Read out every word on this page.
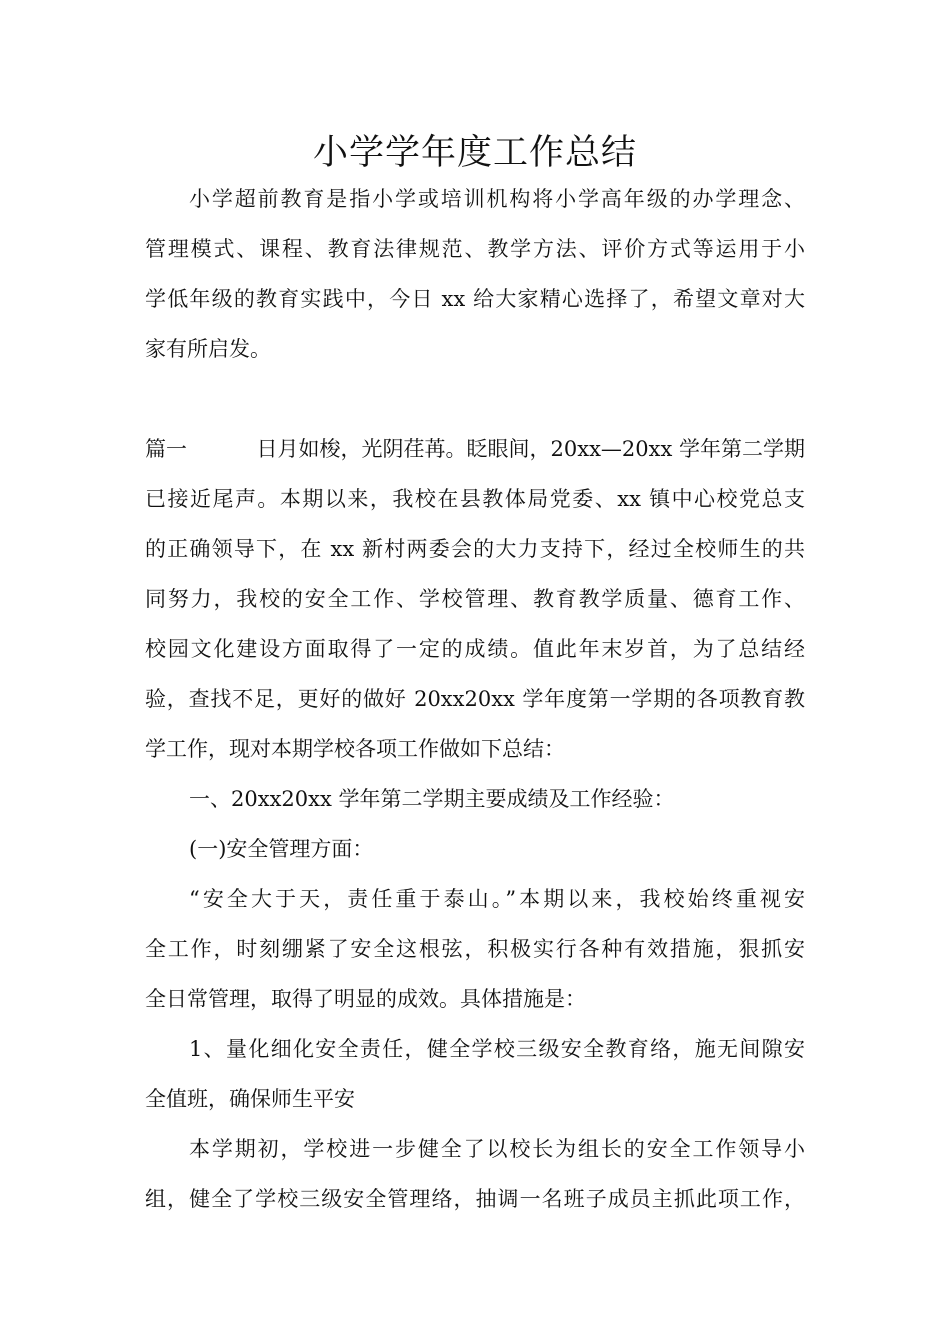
小学学年度工作总结

小学超前教育是指小学或培训机构将小学高年级的办学理念、

管理模式、课程、教育法律规范、教学方法、评价方式等运用于小

学低年级的教育实践中，今日 xx 给大家精心选择了，希望文章对大

家有所启发。

篇一	日月如梭，光阴荏苒。眨眼间，20xx—20xx 学年第二学期

已接近尾声。本期以来，我校在县教体局党委、xx 镇中心校党总支

的正确领导下，在 xx 新村两委会的大力支持下，经过全校师生的共

同努力，我校的安全工作、学校管理、教育教学质量、德育工作、

校园文化建设方面取得了一定的成绩。值此年末岁首，为了总结经

验，查找不足，更好的做好 20xx20xx 学年度第一学期的各项教育教

学工作，现对本期学校各项工作做如下总结：

一、20xx20xx 学年第二学期主要成绩及工作经验：

(一)安全管理方面：

“安全大于天，责任重于泰山。”本期以来，我校始终重视安

全工作，时刻绷紧了安全这根弦，积极实行各种有效措施，狠抓安

全日常管理，取得了明显的成效。具体措施是：

1、量化细化安全责任，健全学校三级安全教育络，施无间隙安

全值班，确保师生平安

本学期初，学校进一步健全了以校长为组长的安全工作领导小

组，健全了学校三级安全管理络，抽调一名班子成员主抓此项工作，
